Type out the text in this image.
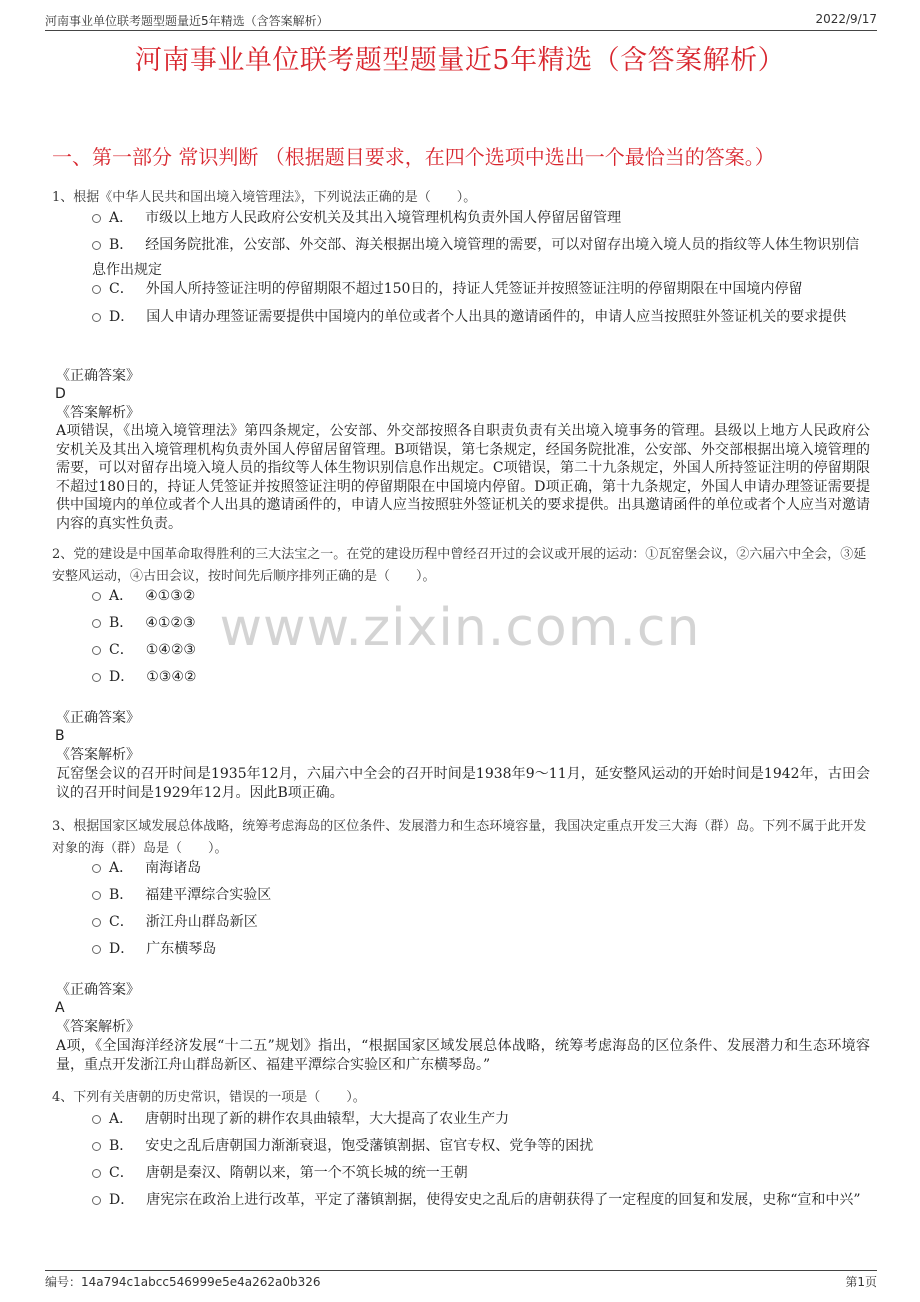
河南事业单位联考题型题量近5年精选（含答案解析）	2022/9/17
河南事业单位联考题型题量近5年精选（含答案解析）
一、第一部分 常识判断 （根据题目要求，在四个选项中选出一个最恰当的答案。）
www.zixin.com.cn
1、根据《中华人民共和国出境入境管理法》，下列说法正确的是（　　）。
A． 市级以上地方人民政府公安机关及其出入境管理机构负责外国人停留居留管理
B． 经国务院批准，公安部、外交部、海关根据出境入境管理的需要，可以对留存出境入境人员的指纹等人体生物识别信息作出规定
C． 外国人所持签证注明的停留期限不超过150日的，持证人凭签证并按照签证注明的停留期限在中国境内停留
D． 国人申请办理签证需要提供中国境内的单位或者个人出具的邀请函件的，申请人应当按照驻外签证机关的要求提供
《正确答案》
D
《答案解析》
A项错误，《出境入境管理法》第四条规定，公安部、外交部按照各自职责负责有关出境入境事务的管理。县级以上地方人民政府公安机关及其出入境管理机构负责外国人停留居留管理。B项错误，第七条规定，经国务院批准，公安部、外交部根据出境入境管理的需要，可以对留存出境入境人员的指纹等人体生物识别信息作出规定。C项错误，第二十九条规定，外国人所持签证注明的停留期限不超过180日的，持证人凭签证并按照签证注明的停留期限在中国境内停留。D项正确，第十九条规定，外国人申请办理签证需要提供中国境内的单位或者个人出具的邀请函件的，申请人应当按照驻外签证机关的要求提供。出具邀请函件的单位或者个人应当对邀请内容的真实性负责。
2、党的建设是中国革命取得胜利的三大法宝之一。在党的建设历程中曾经召开过的会议或开展的运动：①瓦窑堡会议，②六届六中全会，③延安整风运动，④古田会议，按时间先后顺序排列正确的是（　　）。
A． ④①③②
B． ④①②③
C． ①④②③
D． ①③④②
《正确答案》
B
《答案解析》
瓦窑堡会议的召开时间是1935年12月，六届六中全会的召开时间是1938年9～11月，延安整风运动的开始时间是1942年，古田会议的召开时间是1929年12月。因此B项正确。
3、根据国家区域发展总体战略，统筹考虑海岛的区位条件、发展潜力和生态环境容量，我国决定重点开发三大海（群）岛。下列不属于此开发对象的海（群）岛是（　　）。
A． 南海诸岛
B． 福建平潭综合实验区
C． 浙江舟山群岛新区
D． 广东横琴岛
《正确答案》
A
《答案解析》
A项，《全国海洋经济发展“十二五”规划》指出，“根据国家区域发展总体战略，统筹考虑海岛的区位条件、发展潜力和生态环境容量，重点开发浙江舟山群岛新区、福建平潭综合实验区和广东横琴岛。”
4、下列有关唐朝的历史常识，错误的一项是（　　）。
A． 唐朝时出现了新的耕作农具曲辕犁，大大提高了农业生产力
B． 安史之乱后唐朝国力渐渐衰退，饱受藩镇割据、宦官专权、党争等的困扰
C． 唐朝是秦汉、隋朝以来，第一个不筑长城的统一王朝
D． 唐宪宗在政治上进行改革，平定了藩镇割据，使得安史之乱后的唐朝获得了一定程度的回复和发展，史称“宣和中兴”
编号：14a794c1abcc546999e5e4a262a0b326	第1页
